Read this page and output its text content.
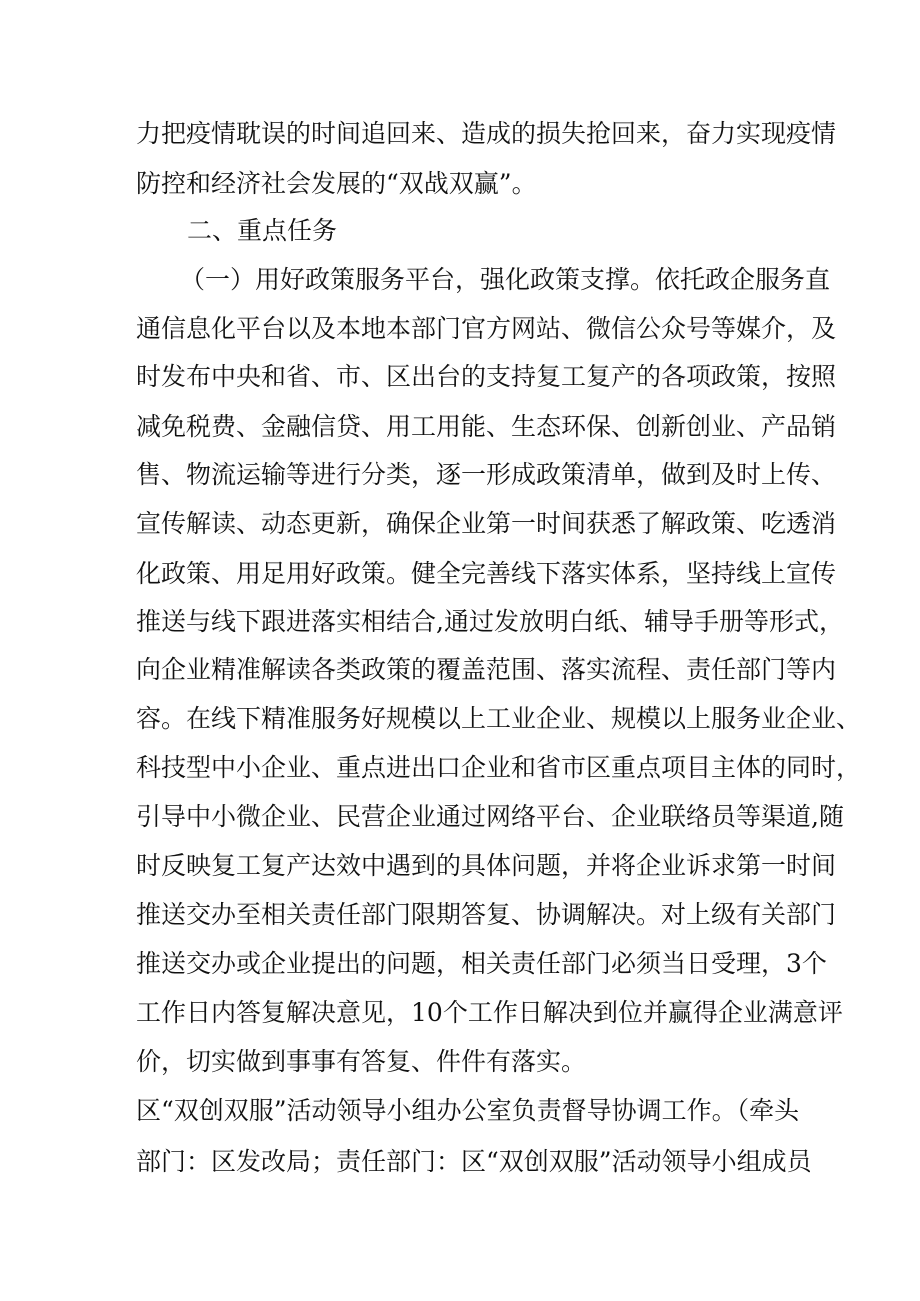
力把疫情耽误的时间追回来、造成的损失抢回来，奋力实现疫情
防控和经济社会发展的“双战双赢”。
二、重点任务
（一）用好政策服务平台，强化政策支撑。依托政企服务直
通信息化平台以及本地本部门官方网站、微信公众号等媒介，及
时发布中央和省、市、区出台的支持复工复产的各项政策，按照
减免税费、金融信贷、用工用能、生态环保、创新创业、产品销
售、物流运输等进行分类，逐一形成政策清单，做到及时上传、
宣传解读、动态更新，确保企业第一时间获悉了解政策、吃透消
化政策、用足用好政策。健全完善线下落实体系，坚持线上宣传
推送与线下跟进落实相结合,通过发放明白纸、辅导手册等形式，
向企业精准解读各类政策的覆盖范围、落实流程、责任部门等内
容。在线下精准服务好规模以上工业企业、规模以上服务业企业、
科技型中小企业、重点进出口企业和省市区重点项目主体的同时，
引导中小微企业、民营企业通过网络平台、企业联络员等渠道,随
时反映复工复产达效中遇到的具体问题，并将企业诉求第一时间
推送交办至相关责任部门限期答复、协调解决。对上级有关部门
推送交办或企业提出的问题，相关责任部门必须当日受理，3个
工作日内答复解决意见，10个工作日解决到位并赢得企业满意评
价，切实做到事事有答复、件件有落实。
区“双创双服”活动领导小组办公室负责督导协调工作。（牵头
部门：区发改局；责任部门：区“双创双服”活动领导小组成员
